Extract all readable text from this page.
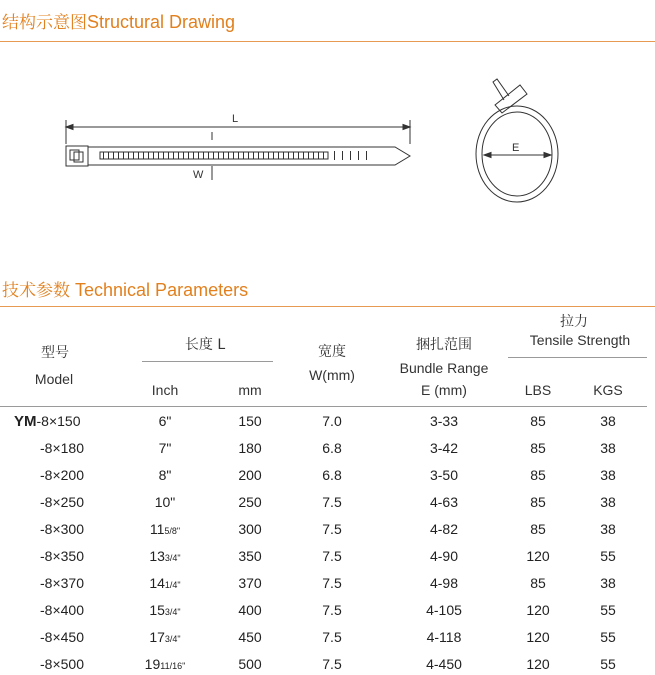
结构示意图Structural Drawing
L
W
E
技术参数 Technical Parameters
型号
Model
长度 L
Inch	mm
宽度
W(mm)
捆扎范围
Bundle Range
E (mm)
拉力
Tensile Strength
LBS	KGS
YM-8×150	6"	150	7.0	3-33	85	38
-8×180	7"	180	6.8	3-42	85	38
-8×200	8"	200	6.8	3-50	85	38
-8×250	10"	250	7.5	4-63	85	38
-8×300	115/8"	300	7.5	4-82	85	38
-8×350	133/4"	350	7.5	4-90	120	55
-8×370	141/4"	370	7.5	4-98	85	38
-8×400	153/4"	400	7.5	4-105	120	55
-8×450	173/4"	450	7.5	4-118	120	55
-8×500	1911/16"	500	7.5	4-450	120	55
